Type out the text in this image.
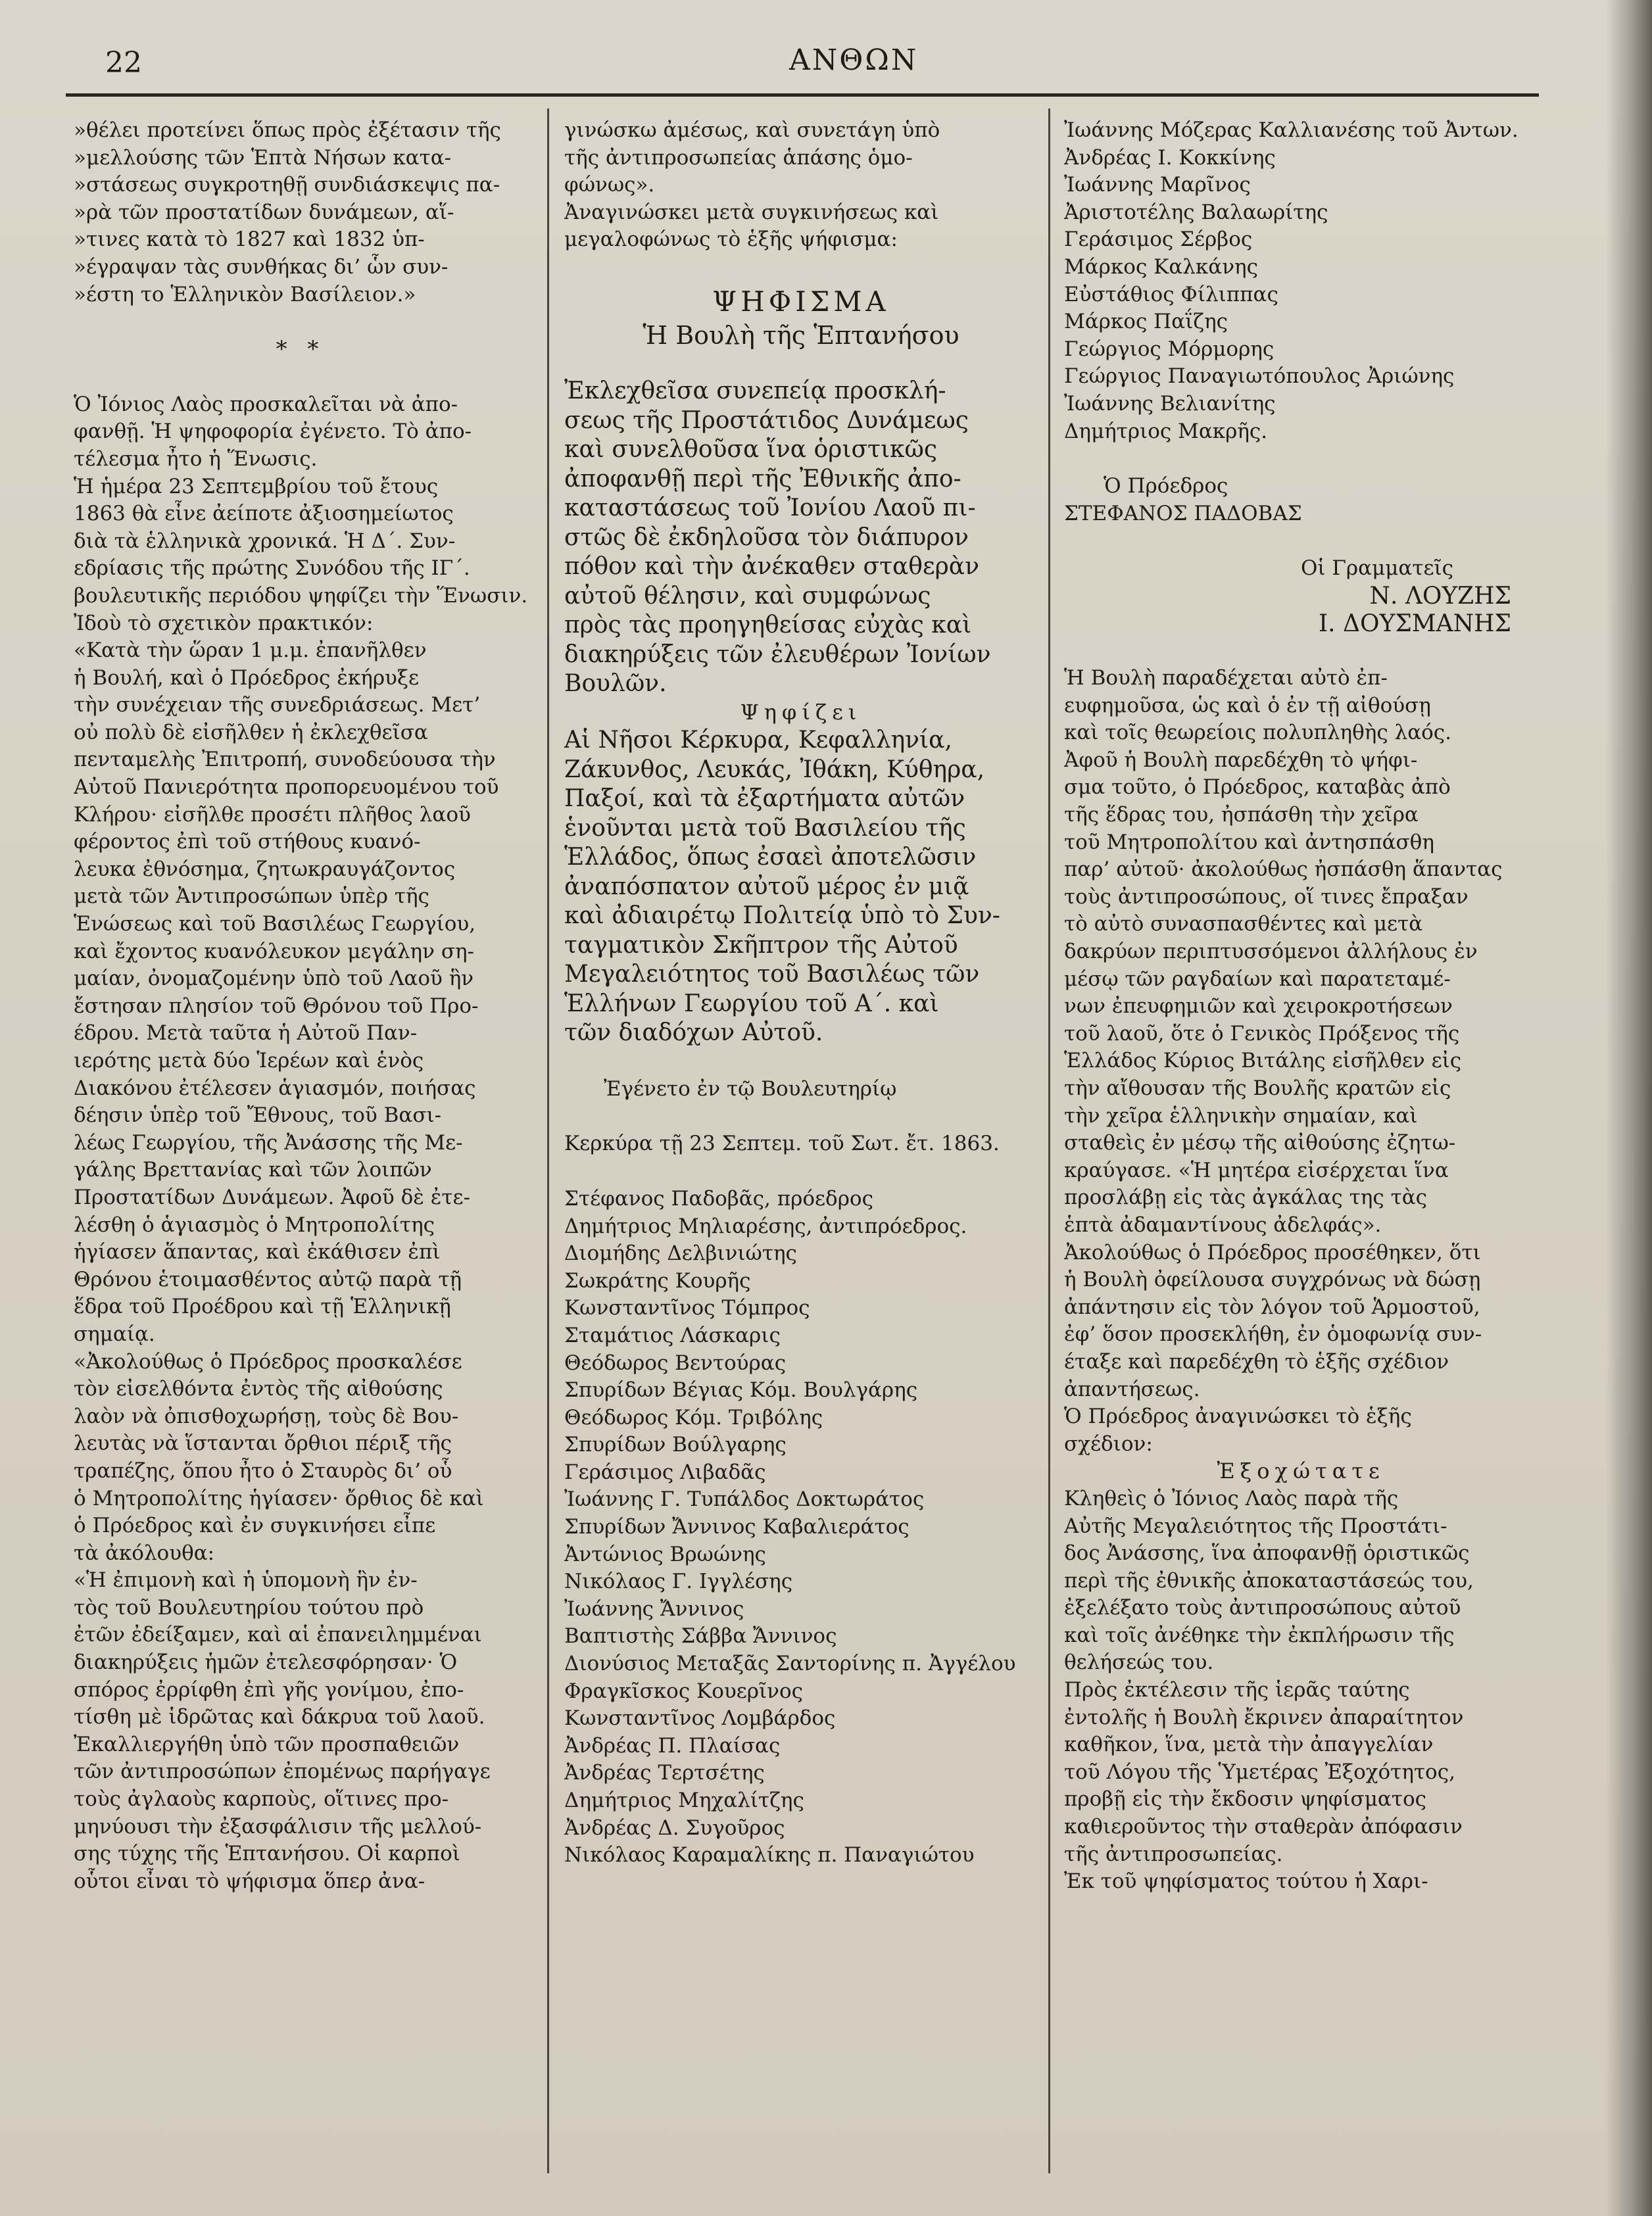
22	ΑΝΘΩΝ

»θέλει προτείνει ὅπως πρὸς ἐξέτασιν τῆς

»μελλούσης τῶν Ἑπτὰ Νήσων κατα-

»στάσεως συγκροτηθῇ συνδιάσκεψις πα-

»ρὰ τῶν προστατίδων δυνάμεων, αἵ-

»τινες κατὰ τὸ 1827 καὶ 1832 ὑπ-

»έγραψαν τὰς συνθήκας δι’ ὧν συν-

»έστη το Ἑλληνικὸν Βασίλειον.»

* *

Ὁ Ἰόνιος Λαὸς προσκαλεῖται νὰ ἀπο-

φανθῇ. Ἡ ψηφοφορία ἐγένετο. Τὸ ἀπο-

τέλεσμα ἦτο ἡ Ἕνωσις.

Ἡ ἡμέρα 23 Σεπτεμβρίου τοῦ ἔτους

1863 θὰ εἶνε ἀείποτε ἀξιοσημείωτος

διὰ τὰ ἑλληνικὰ χρονικά. Ἡ Δ΄. Συν-

εδρίασις τῆς πρώτης Συνόδου τῆς ΙΓ΄.

βουλευτικῆς περιόδου ψηφίζει τὴν Ἕνωσιν.

Ἰδοὺ τὸ σχετικὸν πρακτικόν:

«Κατὰ τὴν ὥραν 1 μ.μ. ἐπανῆλθεν

ἡ Βουλή, καὶ ὁ Πρόεδρος ἐκήρυξε

τὴν συνέχειαν τῆς συνεδριάσεως. Μετ’

οὐ πολὺ δὲ εἰσῆλθεν ἡ ἐκλεχθεῖσα

πενταμελὴς Ἐπιτροπή, συνοδεύουσα τὴν

Αὐτοῦ Πανιερότητα προπορευομένου τοῦ

Κλήρου· εἰσῆλθε προσέτι πλῆθος λαοῦ

φέροντος ἐπὶ τοῦ στήθους κυανό-

λευκα ἐθνόσημα, ζητωκραυγάζοντος

μετὰ τῶν Ἀντιπροσώπων ὑπὲρ τῆς

Ἑνώσεως καὶ τοῦ Βασιλέως Γεωργίου,

καὶ ἔχοντος κυανόλευκον μεγάλην ση-

μαίαν, ὀνομαζομένην ὑπὸ τοῦ Λαοῦ ἣν

ἔστησαν πλησίον τοῦ Θρόνου τοῦ Προ-

έδρου. Μετὰ ταῦτα ἡ Αὐτοῦ Παν-

ιερότης μετὰ δύο Ἱερέων καὶ ἑνὸς

Διακόνου ἐτέλεσεν ἁγιασμόν, ποιήσας

δέησιν ὑπὲρ τοῦ Ἔθνους, τοῦ Βασι-

λέως Γεωργίου, τῆς Ἀνάσσης τῆς Με-

γάλης Βρεττανίας καὶ τῶν λοιπῶν

Προστατίδων Δυνάμεων. Ἀφοῦ δὲ ἐτε-

λέσθη ὁ ἁγιασμὸς ὁ Μητροπολίτης

ἡγίασεν ἅπαντας, καὶ ἐκάθισεν ἐπὶ

Θρόνου ἑτοιμασθέντος αὐτῷ παρὰ τῇ

ἕδρα τοῦ Προέδρου καὶ τῇ Ἑλληνικῇ

σημαίᾳ.

«Ἀκολούθως ὁ Πρόεδρος προσκαλέσε

τὸν εἰσελθόντα ἐντὸς τῆς αἰθούσης

λαὸν νὰ ὀπισθοχωρήσῃ, τοὺς δὲ Βου-

λευτὰς νὰ ἵστανται ὄρθιοι πέριξ τῆς

τραπέζης, ὅπου ἦτο ὁ Σταυρὸς δι’ οὗ

ὁ Μητροπολίτης ἡγίασεν· ὄρθιος δὲ καὶ

ὁ Πρόεδρος καὶ ἐν συγκινήσει εἶπε

τὰ ἀκόλουθα:

«Ἡ ἐπιμονὴ καὶ ἡ ὑπομονὴ ἣν ἐν-

τὸς τοῦ Βουλευτηρίου τούτου πρὸ

ἐτῶν ἐδείξαμεν, καὶ αἱ ἐπανειλημμέναι

διακηρύξεις ἡμῶν ἐτελεσφόρησαν· Ὁ

σπόρος ἐρρίφθη ἐπὶ γῆς γονίμου, ἐπο-

τίσθη μὲ ἱδρῶτας καὶ δάκρυα τοῦ λαοῦ.

Ἐκαλλιεργήθη ὑπὸ τῶν προσπαθειῶν

τῶν ἀντιπροσώπων ἐπομένως παρήγαγε

τοὺς ἀγλαοὺς καρποὺς, οἵτινες προ-

μηνύουσι τὴν ἐξασφάλισιν τῆς μελλού-

σης τύχης τῆς Ἑπτανήσου. Οἱ καρποὶ

οὗτοι εἶναι τὸ ψήφισμα ὅπερ ἀνα-

γινώσκω ἀμέσως, καὶ συνετάγη ὑπὸ

τῆς ἀντιπροσωπείας ἁπάσης ὁμο-

φώνως».

Ἀναγινώσκει μετὰ συγκινήσεως καὶ

μεγαλοφώνως τὸ ἑξῆς ψήφισμα:

ΨΗΦΙΣΜΑ

Ἡ Βουλὴ τῆς Ἑπτανήσου

Ἐκλεχθεῖσα συνεπείᾳ προσκλή-

σεως τῆς Προστάτιδος Δυνάμεως

καὶ συνελθοῦσα ἵνα ὁριστικῶς

ἀποφανθῇ περὶ τῆς Ἐθνικῆς ἀπο-

καταστάσεως τοῦ Ἰονίου Λαοῦ πι-

στῶς δὲ ἐκδηλοῦσα τὸν διάπυρον

πόθον καὶ τὴν ἀνέκαθεν σταθερὰν

αὐτοῦ θέλησιν, καὶ συμφώνως

πρὸς τὰς προηγηθείσας εὐχὰς καὶ

διακηρύξεις τῶν ἐλευθέρων Ἰονίων

Βουλῶν.

Ψηφίζει

Αἱ Νῆσοι Κέρκυρα, Κεφαλληνία,

Ζάκυνθος, Λευκάς, Ἰθάκη, Κύθηρα,

Παξοί, καὶ τὰ ἐξαρτήματα αὐτῶν

ἑνοῦνται μετὰ τοῦ Βασιλείου τῆς

Ἑλλάδος, ὅπως ἐσαεὶ ἀποτελῶσιν

ἀναπόσπατον αὐτοῦ μέρος ἐν μιᾷ

καὶ ἀδιαιρέτῳ Πολιτείᾳ ὑπὸ τὸ Συν-

ταγματικὸν Σκῆπτρον τῆς Αὐτοῦ

Μεγαλειότητος τοῦ Βασιλέως τῶν

Ἑλλήνων Γεωργίου τοῦ Α΄. καὶ

τῶν διαδόχων Αὐτοῦ.

Ἐγένετο ἐν τῷ Βουλευτηρίῳ

Κερκύρα τῇ 23 Σεπτεμ. τοῦ Σωτ. ἔτ. 1863.

Στέφανος Παδοβᾶς, πρόεδρος

Δημήτριος Μηλιαρέσης, ἀντιπρόεδρος.

Διομήδης Δελβινιώτης

Σωκράτης Κουρῆς

Κωνσταντῖνος Τόμπρος

Σταμάτιος Λάσκαρις

Θεόδωρος Βεντούρας

Σπυρίδων Βέγιας Κόμ. Βουλγάρης

Θεόδωρος Κόμ. Τριβόλης

Σπυρίδων Βούλγαρης

Γεράσιμος Λιβαδᾶς

Ἰωάννης Γ. Τυπάλδος Δοκτωράτος

Σπυρίδων Ἄννινος Καβαλιεράτος

Ἀντώνιος Βρωώνης

Νικόλαος Γ. Ιγγλέσης

Ἰωάννης Ἄννινος

Βαπτιστὴς Σάββα Ἄννινος

Διονύσιος Μεταξᾶς Σαντορίνης π. Ἀγγέλου

Φραγκῖσκος Κουερῖνος

Κωνσταντῖνος Λομβάρδος

Ἀνδρέας Π. Πλαίσας

Ἀνδρέας Τερτσέτης

Δημήτριος Μηχαλίτζης

Ἀνδρέας Δ. Συγοῦρος

Νικόλαος Καραμαλίκης π. Παναγιώτου

Ἰωάννης Μόζερας Καλλιανέσης τοῦ Ἀντων.

Ἀνδρέας Ι. Κοκκίνης

Ἰωάννης Μαρῖνος

Ἀριστοτέλης Βαλαωρίτης

Γεράσιμος Σέρβος

Μάρκος Καλκάνης

Εὐστάθιος Φίλιππας

Μάρκος Παΐζης

Γεώργιος Μόρμορης

Γεώργιος Παναγιωτόπουλος Ἀριώνης

Ἰωάννης Βελιανίτης

Δημήτριος Μακρῆς.

Ὁ Πρόεδρος

ΣΤΕΦΑΝΟΣ ΠΑΔΟΒΑΣ

Οἱ Γραμματεῖς

Ν. ΛΟΥΖΗΣ

Ι. ΔΟΥΣΜΑΝΗΣ

Ἡ Βουλὴ παραδέχεται αὐτὸ ἐπ-

ευφημοῦσα, ὡς καὶ ὁ ἐν τῇ αἰθούσῃ

καὶ τοῖς θεωρείοις πολυπληθὴς λαός.

Ἀφοῦ ἡ Βουλὴ παρεδέχθη τὸ ψήφι-

σμα τοῦτο, ὁ Πρόεδρος, καταβὰς ἀπὸ

τῆς ἕδρας του, ἠσπάσθη τὴν χεῖρα

τοῦ Μητροπολίτου καὶ ἀντησπάσθη

παρ’ αὐτοῦ· ἀκολούθως ἠσπάσθη ἅπαντας

τοὺς ἀντιπροσώπους, οἵ τινες ἔπραξαν

τὸ αὐτὸ συνασπασθέντες καὶ μετὰ

δακρύων περιπτυσσόμενοι ἀλλήλους ἐν

μέσῳ τῶν ραγδαίων καὶ παρατεταμέ-

νων ἐπευφημιῶν καὶ χειροκροτήσεων

τοῦ λαοῦ, ὅτε ὁ Γενικὸς Πρόξενος τῆς

Ἑλλάδος Κύριος Βιτάλης εἰσῆλθεν εἰς

τὴν αἴθουσαν τῆς Βουλῆς κρατῶν εἰς

τὴν χεῖρα ἑλληνικὴν σημαίαν, καὶ

σταθεὶς ἐν μέσῳ τῆς αἰθούσης ἐζητω-

κραύγασε. «Ἡ μητέρα εἰσέρχεται ἵνα

προσλάβῃ εἰς τὰς ἀγκάλας της τὰς

ἑπτὰ ἀδαμαντίνους ἀδελφάς».

Ἀκολούθως ὁ Πρόεδρος προσέθηκεν, ὅτι

ἡ Βουλὴ ὀφείλουσα συγχρόνως νὰ δώσῃ

ἀπάντησιν εἰς τὸν λόγον τοῦ Ἁρμοστοῦ,

ἐφ’ ὅσον προσεκλήθη, ἐν ὁμοφωνίᾳ συν-

έταξε καὶ παρεδέχθη τὸ ἑξῆς σχέδιον

ἀπαντήσεως.

Ὁ Πρόεδρος ἀναγινώσκει τὸ ἑξῆς

σχέδιον:

Ἐξοχώτατε

Κληθεὶς ὁ Ἰόνιος Λαὸς παρὰ τῆς

Αὐτῆς Μεγαλειότητος τῆς Προστάτι-

δος Ἀνάσσης, ἵνα ἀποφανθῇ ὁριστικῶς

περὶ τῆς ἐθνικῆς ἀποκαταστάσεώς του,

ἐξελέξατο τοὺς ἀντιπροσώπους αὐτοῦ

καὶ τοῖς ἀνέθηκε τὴν ἐκπλήρωσιν τῆς

θελήσεώς του.

Πρὸς ἐκτέλεσιν τῆς ἱερᾶς ταύτης

ἐντολῆς ἡ Βουλὴ ἔκρινεν ἀπαραίτητον

καθῆκον, ἵνα, μετὰ τὴν ἀπαγγελίαν

τοῦ Λόγου τῆς Ὑμετέρας Ἐξοχότητος,

προβῇ εἰς τὴν ἔκδοσιν ψηφίσματος

καθιεροῦντος τὴν σταθερὰν ἀπόφασιν

τῆς ἀντιπροσωπείας.

Ἐκ τοῦ ψηφίσματος τούτου ἡ Χαρι-
